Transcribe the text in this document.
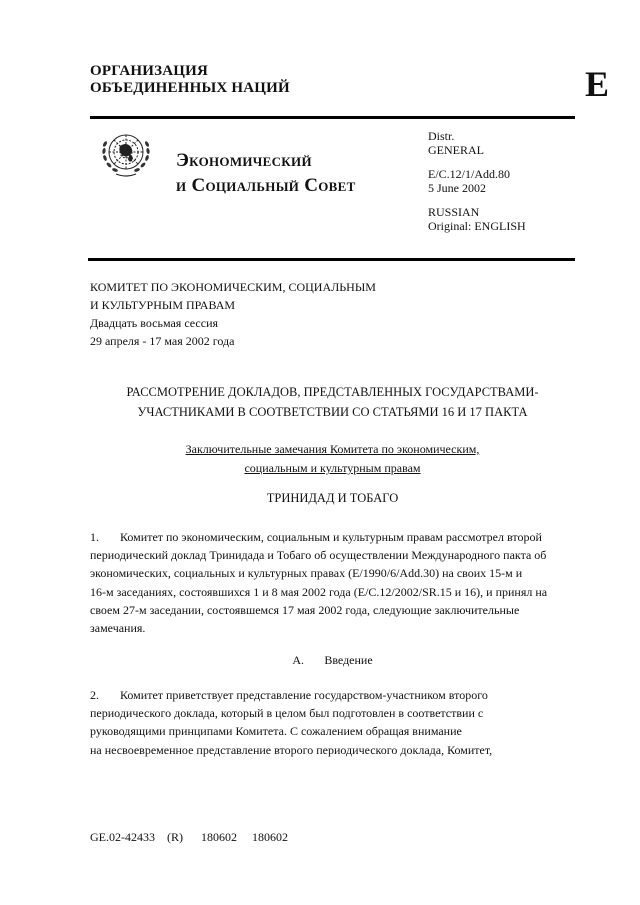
ОРГАНИЗАЦИЯ
ОБЪЕДИНЕННЫХ НАЦИЙ	E
Экономический
и Социальный Совет
Distr.
GENERAL
E/C.12/1/Add.80
5 June 2002
RUSSIAN
Original: ENGLISH
КОМИТЕТ ПО ЭКОНОМИЧЕСКИМ, СОЦИАЛЬНЫМ
И КУЛЬТУРНЫМ ПРАВАМ
Двадцать восьмая сессия
29 апреля - 17 мая 2002 года
РАССМОТРЕНИЕ ДОКЛАДОВ, ПРЕДСТАВЛЕННЫХ ГОСУДАРСТВАМИ-
УЧАСТНИКАМИ В СООТВЕТСТВИИ СО СТАТЬЯМИ 16 И 17 ПАКТА
Заключительные замечания Комитета по экономическим,
социальным и культурным правам
ТРИНИДАД И ТОБАГО
1. Комитет по экономическим, социальным и культурным правам рассмотрел второй
периодический доклад Тринидада и Тобаго об осуществлении Международного пакта об
экономических, социальных и культурных правах (E/1990/6/Add.30) на своих 15-м и
16-м заседаниях, состоявшихся 1 и 8 мая 2002 года (E/C.12/2002/SR.15 и 16), и принял на
своем 27-м заседании, состоявшемся 17 мая 2002 года, следующие заключительные
замечания.
A. Введение
2. Комитет приветствует представление государством-участником второго
периодического доклада, который в целом был подготовлен в соответствии с
руководящими принципами Комитета. С сожалением обращая внимание
на несвоевременное представление второго периодического доклада, Комитет,
GE.02-42433 (R) 180602 180602
